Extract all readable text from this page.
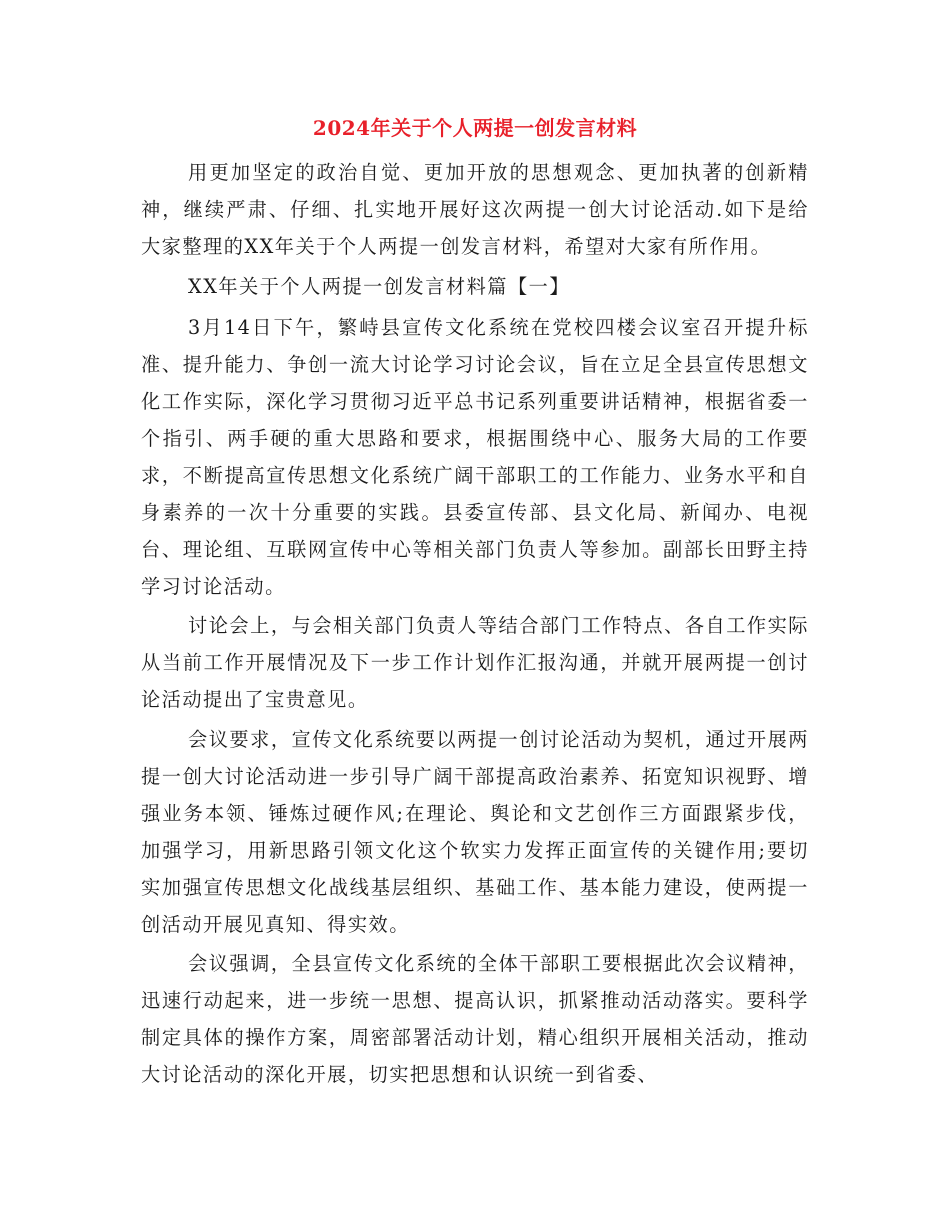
2024年关于个人两提一创发言材料

用更加坚定的政治自觉、更加开放的思想观念、更加执著的创新精神，继续严肃、仔细、扎实地开展好这次两提一创大讨论活动.如下是给大家整理的XX年关于个人两提一创发言材料，希望对大家有所作用。

XX年关于个人两提一创发言材料篇【一】

3月14日下午，繁峙县宣传文化系统在党校四楼会议室召开提升标准、提升能力、争创一流大讨论学习讨论会议，旨在立足全县宣传思想文化工作实际，深化学习贯彻习近平总书记系列重要讲话精神，根据省委一个指引、两手硬的重大思路和要求，根据围绕中心、服务大局的工作要求，不断提高宣传思想文化系统广阔干部职工的工作能力、业务水平和自身素养的一次十分重要的实践。县委宣传部、县文化局、新闻办、电视台、理论组、互联网宣传中心等相关部门负责人等参加。副部长田野主持学习讨论活动。

讨论会上，与会相关部门负责人等结合部门工作特点、各自工作实际从当前工作开展情况及下一步工作计划作汇报沟通，并就开展两提一创讨论活动提出了宝贵意见。

会议要求，宣传文化系统要以两提一创讨论活动为契机，通过开展两提一创大讨论活动进一步引导广阔干部提高政治素养、拓宽知识视野、增强业务本领、锤炼过硬作风;在理论、舆论和文艺创作三方面跟紧步伐，加强学习，用新思路引领文化这个软实力发挥正面宣传的关键作用;要切实加强宣传思想文化战线基层组织、基础工作、基本能力建设，使两提一创活动开展见真知、得实效。

会议强调，全县宣传文化系统的全体干部职工要根据此次会议精神，迅速行动起来，进一步统一思想、提高认识，抓紧推动活动落实。要科学制定具体的操作方案，周密部署活动计划，精心组织开展相关活动，推动大讨论活动的深化开展，切实把思想和认识统一到省委、
